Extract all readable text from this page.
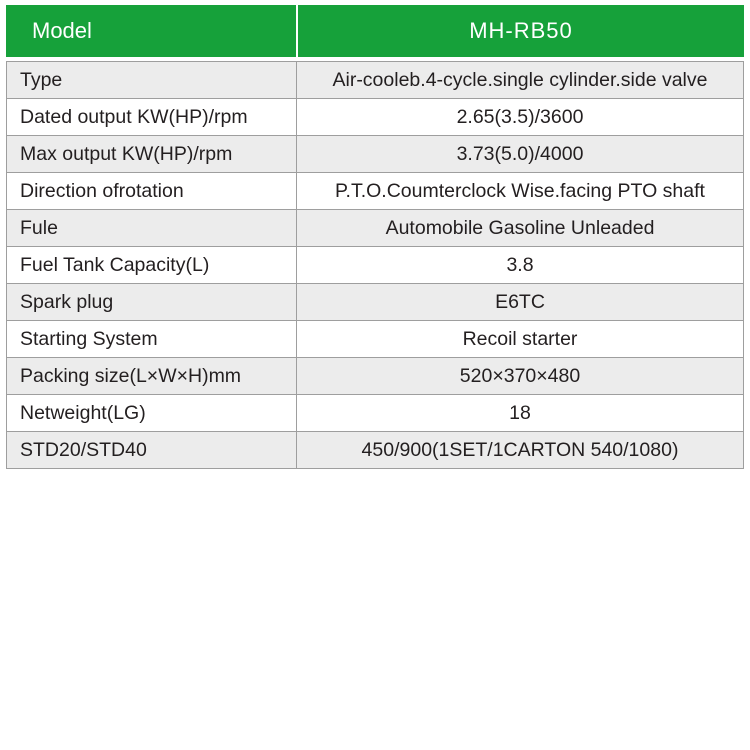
Model	MH-RB50
Type	Air-cooleb.4-cycle.single cylinder.side valve
Dated output KW(HP)/rpm	2.65(3.5)/3600
Max output KW(HP)/rpm	3.73(5.0)/4000
Direction ofrotation	P.T.O.Coumterclock Wise.facing PTO shaft
Fule	Automobile Gasoline Unleaded
Fuel Tank Capacity(L)	3.8
Spark plug	E6TC
Starting System	Recoil starter
Packing size(L×W×H)mm	520×370×480
Netweight(LG)	18
STD20/STD40	450/900(1SET/1CARTON 540/1080)
